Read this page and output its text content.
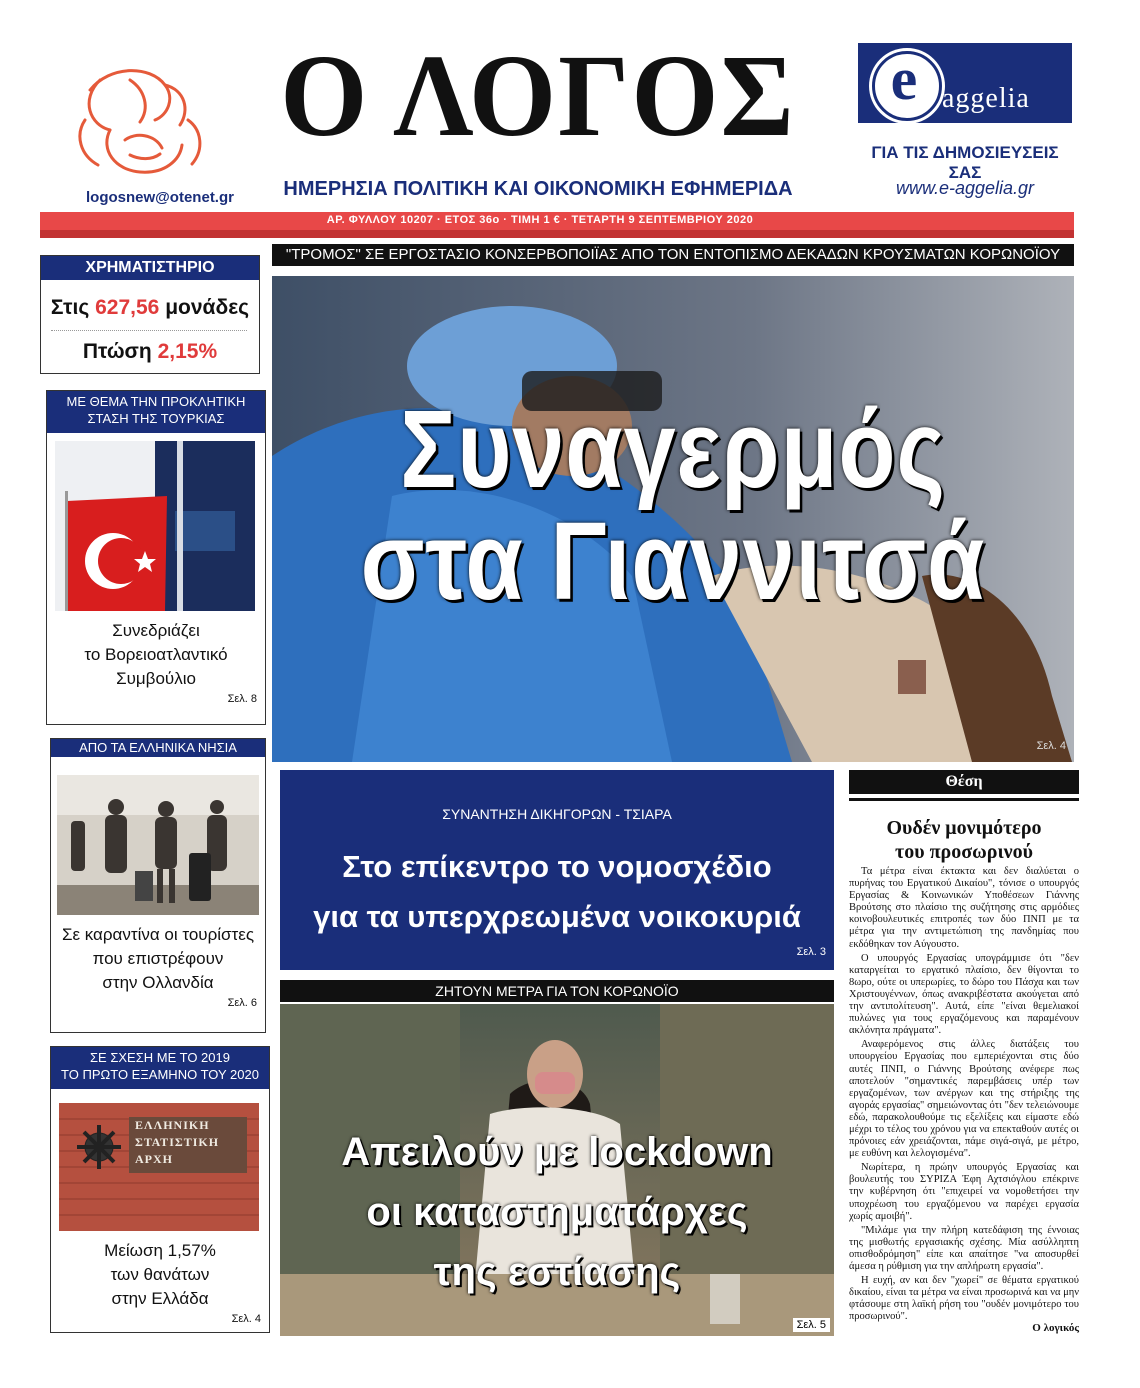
logosnew@otenet.gr
Ο ΛΟΓΟΣ
ΗΜΕΡΗΣΙΑ ΠΟΛΙΤΙΚΗ ΚΑΙ ΟΙΚΟΝΟΜΙΚΗ ΕΦΗΜΕΡΙΔΑ
e aggelia
ΓΙΑ ΤΙΣ ΔΗΜΟΣΙΕΥΣΕΙΣ ΣΑΣ
www.e-aggelia.gr
ΑΡ. ΦΥΛΛΟΥ 10207 · ΕΤΟΣ 36ο · ΤΙΜΗ 1 € · ΤΕΤΑΡΤΗ 9 ΣΕΠΤΕΜΒΡΙΟΥ 2020
ΧΡΗΜΑΤΙΣΤΗΡΙΟ
Στις 627,56 μονάδες
Πτώση 2,15%
ΜΕ ΘΕΜΑ ΤΗΝ ΠΡΟΚΛΗΤΙΚΗ
ΣΤΑΣΗ ΤΗΣ ΤΟΥΡΚΙΑΣ
Συνεδριάζει
το Βορειοατλαντικό
Συμβούλιο
Σελ. 8
ΑΠΟ ΤΑ ΕΛΛΗΝΙΚΑ ΝΗΣΙΑ
Σε καραντίνα οι τουρίστες
που επιστρέφουν
στην Ολλανδία
Σελ. 6
ΣΕ ΣΧΕΣΗ ΜΕ ΤΟ 2019
ΤΟ ΠΡΩΤΟ ΕΞΑΜΗΝΟ ΤΟΥ 2020
ΕΛΛΗΝΙΚΗ
ΣΤΑΤΙΣΤΙΚΗ
ΑΡΧΗ
Μείωση 1,57%
των θανάτων
στην Ελλάδα
Σελ. 4
"ΤΡΟΜΟΣ" ΣΕ ΕΡΓΟΣΤΑΣΙΟ ΚΟΝΣΕΡΒΟΠΟΙΪΑΣ ΑΠΟ ΤΟΝ ΕΝΤΟΠΙΣΜΟ ΔΕΚΑΔΩΝ ΚΡΟΥΣΜΑΤΩΝ ΚΟΡΩΝΟΪΟΥ
Συναγερμός
στα Γιαννιτσά
Σελ. 4
ΣΥΝΑΝΤΗΣΗ ΔΙΚΗΓΟΡΩΝ - ΤΣΙΑΡΑ
Στο επίκεντρο το νομοσχέδιο
για τα υπερχρεωμένα νοικοκυριά
Σελ. 3
ΖΗΤΟΥΝ ΜΕΤΡΑ ΓΙΑ ΤΟΝ ΚΟΡΩΝΟΪΟ
Απειλούν με lockdown
οι καταστηματάρχες
της εστίασης
Σελ. 5
Θέση
Ουδέν μονιμότερο
του προσωρινού

Τα μέτρα είναι έκτακτα και δεν διαλύεται ο πυρήνας του Εργατικού Δικαίου", τόνισε ο υπουργός Εργασίας & Κοινωνικών Υποθέσεων Γιάννης Βρούτσης στο πλαίσιο της συζήτησης στις αρμόδιες κοινοβουλευτικές επιτροπές των δύο ΠΝΠ με τα μέτρα για την αντιμετώπιση της πανδημίας που εκδόθηκαν τον Αύγουστο.

Ο υπουργός Εργασίας υπογράμμισε ότι "δεν καταργείται το εργατικό πλαίσιο, δεν θίγονται το 8ωρο, ούτε οι υπερωρίες, το δώρο του Πάσχα και των Χριστουγέννων, όπως ανακριβέστατα ακούγεται από την αντιπολίτευση". Αυτά, είπε "είναι θεμελιακοί πυλώνες για τους εργαζόμενους και παραμένουν ακλόνητα πράγματα".

Αναφερόμενος στις άλλες διατάξεις του υπουργείου Εργασίας που εμπεριέχονται στις δύο αυτές ΠΝΠ, ο Γιάννης Βρούτσης ανέφερε πως αποτελούν "σημαντικές παρεμβάσεις υπέρ των εργαζομένων, των ανέργων και της στήριξης της αγοράς εργασίας" σημειώνοντας ότι "δεν τελειώνουμε εδώ, παρακολουθούμε τις εξελίξεις και είμαστε εδώ μέχρι το τέλος του χρόνου για να επεκταθούν αυτές οι πρόνοιες εάν χρειάζονται, πάμε σιγά-σιγά, με μέτρο, με ευθύνη και λελογισμένα".

Νωρίτερα, η πρώην υπουργός Εργασίας και βουλευτής του ΣΥΡΙΖΑ Έφη Αχτσιόγλου επέκρινε την κυβέρνηση ότι "επιχειρεί να νομοθετήσει την υποχρέωση του εργαζόμενου να παρέχει εργασία χωρίς αμοιβή".

"Μιλάμε για την πλήρη κατεδάφιση της έννοιας της μισθωτής εργασιακής σχέσης. Μία ασύλληπτη οπισθοδρόμηση" είπε και απαίτησε "να αποσυρθεί άμεσα η ρύθμιση για την απλήρωτη εργασία".

Η ευχή, αν και δεν "χωρεί" σε θέματα εργατικού δικαίου, είναι τα μέτρα να είναι προσωρινά και να μην φτάσουμε στη λαϊκή ρήση του "ουδέν μονιμότερο του προσωρινού".

Ο λογικός
